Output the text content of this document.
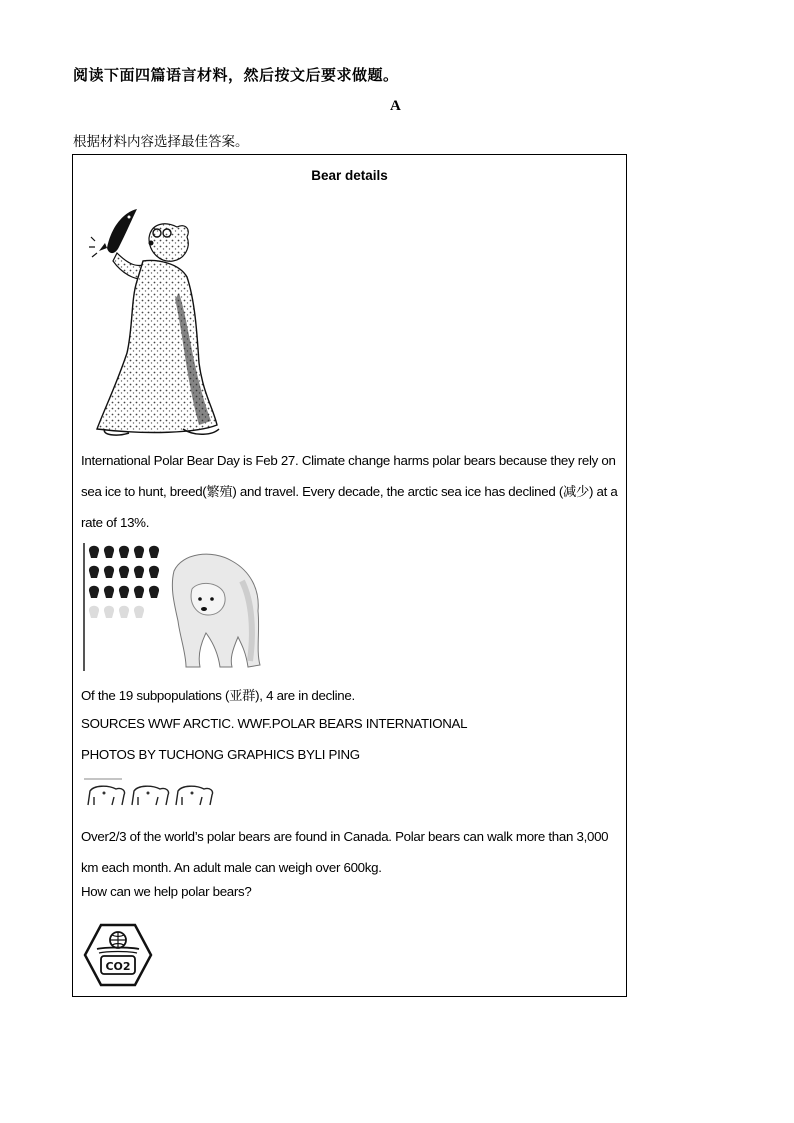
阅读下面四篇语言材料，然后按文后要求做题。
A
根据材料内容选择最佳答案。
Bear details
International Polar Bear Day is Feb 27. Climate change harms polar bears because they rely on sea ice to hunt, breed(繁殖) and travel. Every decade, the arctic sea ice has declined (减少) at a rate of 13%.
Of the 19 subpopulations (亚群), 4 are in decline.
SOURCES WWF ARCTIC. WWF.POLAR BEARS INTERNATIONAL
PHOTOS BY TUCHONG GRAPHICS BYLI PING
Over2/3 of the world’s polar bears are found in Canada. Polar bears can walk more than 3,000 km each month. An adult male can weigh over 600kg.
How can we help polar bears?
CO2
